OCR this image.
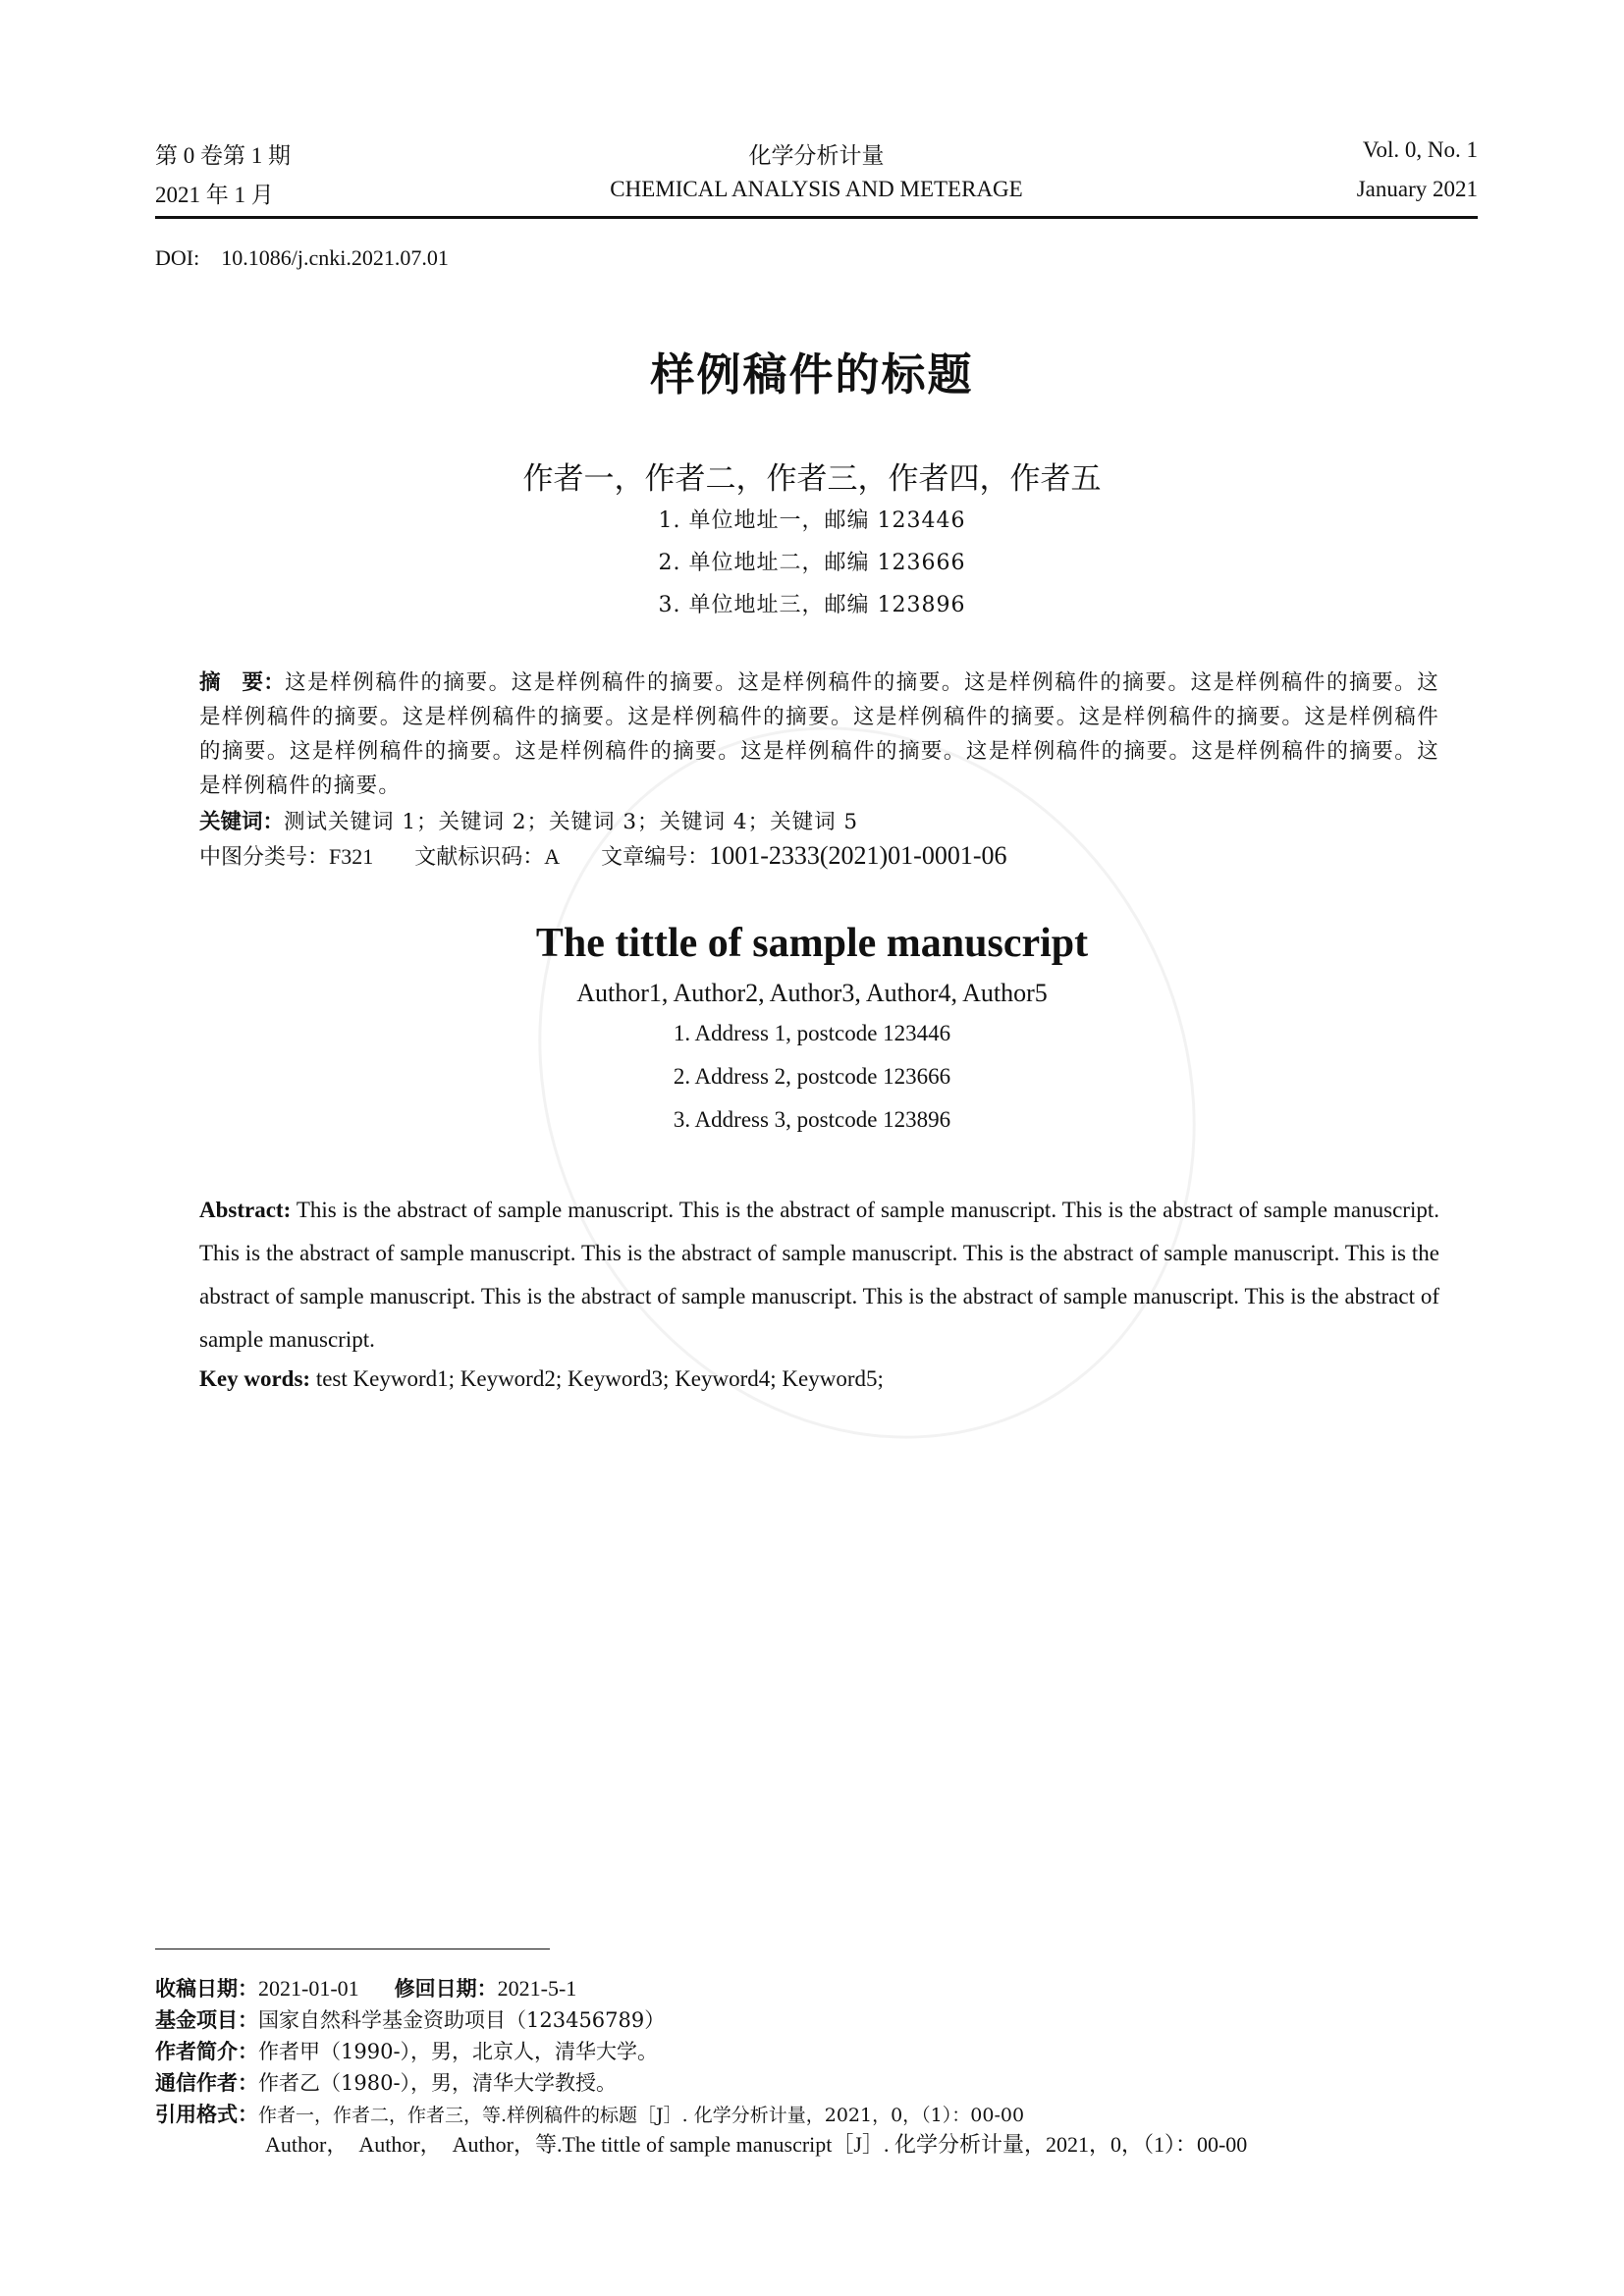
第 0 卷第 1 期	化学分析计量	Vol. 0, No. 1
2021 年 1 月	CHEMICAL ANALYSIS AND METERAGE	January 2021
DOI: 10.1086/j.cnki.2021.07.01
样例稿件的标题
作者一，作者二，作者三，作者四，作者五
1. 单位地址一，邮编 123446
2. 单位地址二，邮编 123666
3. 单位地址三，邮编 123896
摘　要：这是样例稿件的摘要。这是样例稿件的摘要。这是样例稿件的摘要。这是样例稿件的摘要。这是样例稿件的摘要。这是样例稿件的摘要。这是样例稿件的摘要。这是样例稿件的摘要。这是样例稿件的摘要。这是样例稿件的摘要。这是样例稿件的摘要。这是样例稿件的摘要。这是样例稿件的摘要。这是样例稿件的摘要。这是样例稿件的摘要。这是样例稿件的摘要。这是样例稿件的摘要。
关键词：测试关键词 1；关键词 2；关键词 3；关键词 4；关键词 5
中图分类号：F321 文献标识码：A 文章编号：1001-2333(2021)01-0001-06
The tittle of sample manuscript
Author1, Author2, Author3, Author4, Author5
1. Address 1, postcode 123446
2. Address 2, postcode 123666
3. Address 3, postcode 123896
Abstract: This is the abstract of sample manuscript. This is the abstract of sample manuscript. This is the abstract of sample manuscript. This is the abstract of sample manuscript. This is the abstract of sample manuscript. This is the abstract of sample manuscript. This is the abstract of sample manuscript. This is the abstract of sample manuscript. This is the abstract of sample manuscript. This is the abstract of sample manuscript.
Key words: test Keyword1; Keyword2; Keyword3; Keyword4; Keyword5;
收稿日期：2021-01-01 修回日期：2021-5-1
基金项目：国家自然科学基金资助项目（123456789）
作者简介：作者甲（1990-），男，北京人，清华大学。
通信作者：作者乙（1980-），男，清华大学教授。
引用格式：作者一，作者二，作者三，等.样例稿件的标题［J］. 化学分析计量，2021，0，（1）：00-00
Author，　Author，　Author，等.The tittle of sample manuscript［J］. 化学分析计量，2021，0，（1）：00-00
